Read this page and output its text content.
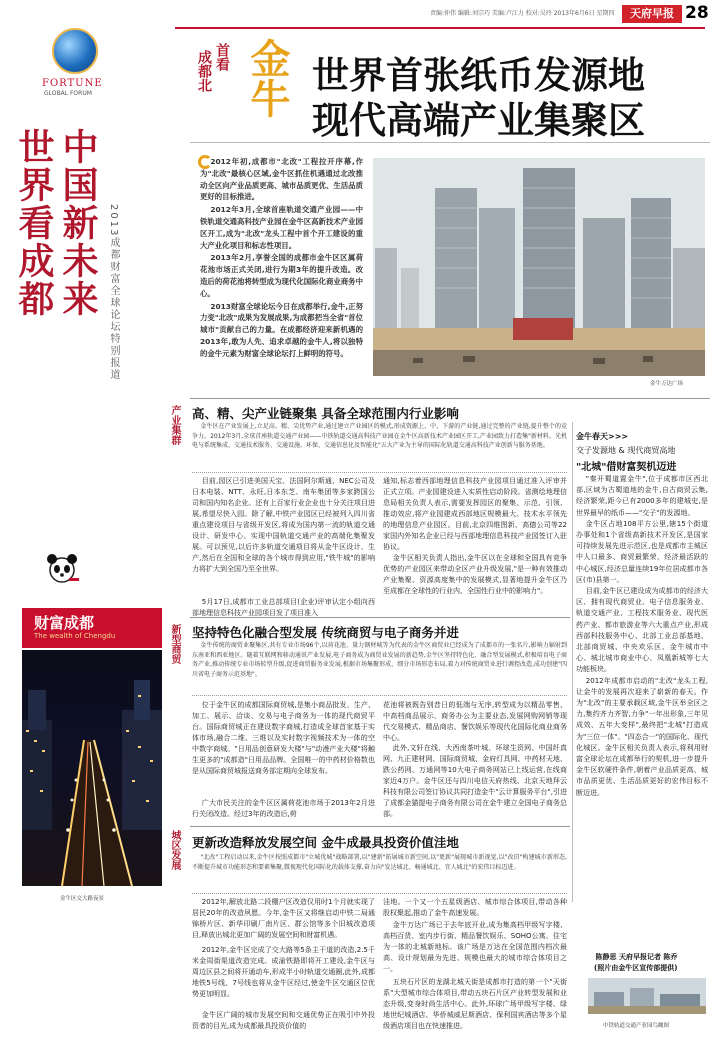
责编:仲伟 编辑:刘宗巧 美编:卢江力 校对:吴玲 2013年6月6日 星期四	天府早报 28
FORTUNE
GLOBAL FORUM
中国新未来
世界看成都	2013成都财富全球论坛特别报道
财富成都
The wealth of Chengdu
金牛区交大路夜景
成都北 首看 金牛 世界首张纸币发源地
现代高端产业集聚区

2012年初,成都市"北改"工程拉开序幕,作为"北改"最核心区域,金牛区抓住机遇通过北改推动全区向产业品质更高、城市品质更优、生活品质更好的目标推进。

2012年3月,全球首座轨道交通产业园——中铁轨道交通高科技产业园在金牛区高新技术产业园区开工,成为"北改"龙头工程中首个开工建设的重大产业化项目和标志性项目。

2013年2月,享誉全国的成都市金牛区区属荷花池市场正式关闭,进行为期3年的提升改造。改造后的荷花池将转型成为现代化国际化商业商务中心。

2013财富全球论坛今日在成都举行,金牛,正努力变"北改"成果为发展成果,为成都把当全省"首位城市"贡献自己的力量。在成都经济迎来新机遇的2013年,敢为人先、追求卓越的金牛人,将以独特的金牛元素为财富全球论坛打上鲜明的符号。

金牛万达广场
产业集群 高、精、尖产业链聚集 具备全球范围内行业影响
金牛区在产业发展上,立足高、精、尖优势产业,通过建立产业园区的模式,形成资源上、中、下游的产业链,通过完整的产业链,提升整个的竞争力。2012年3月,全球首座轨道交通产业园——中铁轨道交通高科技产业园在金牛区高新技术产业园区开工,产业园致力打造集"新材料、光机电与系统集成、交通技术服务、交通设施、环保、交通信息化及智能化"五大产业为主导的国际化轨道交通高科技产业创新与服务基地。
目前,园区已引进美国天宝、法国阿尔斯通、NEC公司及日本电装、NTT、永旺,日本东芝、南车集团等多家跨国公司和国内知名企业。还有上百家行业企业也十分关注项目进展,希望尽快入园。除了解,中铁产业园区已经被列入四川省重点建设项目与省级开发区,将成为国内第一流的轨道交通设计、研发中心、实现中国轨道交通产业的高端化集聚发展。可以预见,以后许多轨道交通项目将从金牛区设计、生产,然后在全国和全球的各个城市得到应用,"铁牛城"的影响力将扩大到全国乃至全世界。
5月17日,成都市工业总部项目(企业)评审认定小组向西部地理信息科技产业园项目发了项目准入
通知,标志着西部地理信息科技产业园项目通过准入评审并正式立项。产业园建设进入实质性启动阶段。省测绘地理信息局相关负责人表示,需要发挥园区的聚集、示范、引领、推动效应,将产业园建成西部地区规模最大、技术水平领先的地理信息产业园区。目前,北京四维图新、高德公司等22家国内外知名企业已经与西部地理信息科技产业园签订入驻协议。
金牛区相关负责人指出,金牛区以在全球和全国具有竞争优势的产业园区来带动全区产业升级发展,"是一种有效推动产业集聚、资源高度集中的发展模式,显著地提升金牛区乃至成都在全球性的行业内、全国性行业中的影响力"。
新型商贸 坚持特色化融合型发展 传统商贸与电子商务并进
金牛传统的商贸业聚集区,共有专业市场96个,以荷花池、量力钢材城等为代表的金牛区商贸业已经成为了成都市的一张名片,影响力辐射到东南亚和西亚地区。随着互联网和移动通讯产业发展,电子商务成为商贸业发展的新趋势,金牛区坚持特色化、融合型发展模式,积极培育电子商务产业,推动传统专业市场转型升级,促进商贸服务业发展,根据市场集聚形成、细分市场形态布局,着力对传统商贸业进行调控改造,成功创建"四川省电子商务示范基地"。
位于金牛区的成都国际商贸城,是集小商品批发、生产、加工、展示、洽谈、交易与电子商务为一体的现代商贸平台。国际商贸城正在建设数字商城,打造成全球首家基于实体市场,融合二维、三维以及实时数字视频技术为一体的空中数字商城。"日用品创意研发大楼"与"动漫产业大楼"将触生更多的"成都造"日用品品牌。全国唯一的中药材价格数也是从国际商贸城报送商务部定期向全球发布。
广大市民关注的金牛区区属荷花池市场于2013年2月进行关闭改造。经过3年的改造后,荷
花池将被既告别昔日的低端与无序,转型成为以精品零售、中高档商品展示、商务办公为主要业态,发展网购网销等现代交易模式、精品商店、餐饮娱乐等现代化国际化商业商务中心。
此外,文轩在线、大西南茶叶城、环球生资网、中国纤真网、九正建材网、国际商贸城、金府灯具网、中药材天地、跌公药网、万通网等10大电子商务网站已上线运营,在线商家近4万户。金牛区还与四川电信天府热线、北京天地拜云科技有限公司签订协议共同打造金牛"云计算服务平台",引进了成都金猫提电子商务有限公司在金牛建立全国电子商务总部。
城区发展 更新改造释放发展空间 金牛成最具投资价值洼地
"北改"工程启动以来,金牛区按照成都市"立城优城"战略部署,以"建新"拓展城市新空间,以"更新"展现城市新视觉,以"改旧"构建城市新形态,不断提升城市功能形态和要素集聚,微视现代化国际化的载体支撑,奋力向"发达城北、畅通城北、宜人城北"的宏伟目标迈进。
2012年,解放北路二段棚户区改造仅用时1个月就实现了居民20年的改造夙愿。今年,金牛区又将继启动中铁二局通锦桥片区、新华印刷厂南片区、群公馆等多个旧城改造项目,释放出城北更加广阔的发展空间和财富机遇。
2012年,金牛区完成了交大路等5条主干道的改造,2.5千米金周街渠道改造完成。成渝铁路即将开工建设,金牛区与周边区县之间将开通动车,形成半小时轨道交通圈,此外,成都地铁5号线、7号线也将从金牛区经过,使金牛区交通区位优势更加明显。
金牛区广阔的城市发展空间和交通优势正在吸引中外投资者的目光,成为成都最具投资价值的
洼地。一个又一个五星级酒店、城市综合体项目,带动各种股权聚起,推动了金牛高速发展。
金牛万达广场已于去年底开业,成为集高档甲级写字楼、高档百货、室内步行街、精品餐饮娱乐、SOHO公寓、住宅为一体的北城新地标。该广场是万达在全国范围内档次最高、设计规划最为先进、规模也最大的城市综合体项目之一。
五块石片区的龙湖北城天街是成都市打造的第一个"天街系"大型城市综合体项目,带动五块石片区产业转型发展和业态升级,变身时尚生活中心。此外,环球广场甲级写字楼、绿地世纪城酒店、华侨城威尼斯酒店、保利国宾酒店等多个星级酒店项目也在快速推进。
金牛春天>>>
交子发源地 & 现代商贸高地
"北城"借财富契机迈进

"秦开蜀道置金牛",位于成都市区西北部,区域为古蜀道地的金牛,自古商贸云集,经济繁荣,距今已有2000多年的建城史,是世界最早的纸币——"交子"的发源地。

金牛区占地108平方公里,辖15个街道办事处和1个省级高新技术开发区,是国家可持续发展先进示范区,也是成都市主城区中人口最多、商贸最繁荣、经济最活跃的中心城区,经济总量连续19年位居成都市各区(市)县第一。

目前,金牛区已建设成为成都市的经济大区、拥有现代商贸业、电子信息服务业、轨道交通产业、工程技术服务业、现代医药产业、都市旅游业等六大重点产业,形成西部科技服务中心、北部工业总部基地、北部商贸城、中央欢乐区、金牛城市中心、城北城市商业中心、凤凰新城等七大功能板块。

2012年成都市启动的"北改"龙头工程,让金牛的发展再次迎来了崭新的春天。作为"北改"的主要承载区域,金牛区举全区之力,集约齐力齐智,力争"一年出形象,三年见成效、五年大变样",最终把"北城"打造成为"三位一体"、"四态合一"的国际化、现代化城区。金牛区相关负责人表示,将利用财富全球论坛在成都举行的契机,进一步提升金牛区软硬件条件,朝着产业品质更高、城市品质更优、生活品质更好的宏伟目标不断迈进。

陈静思 天府早报记者 陈乔
(照片由金牛区宣传部提供)
中铁轨道交通产业园鸟瞰图
